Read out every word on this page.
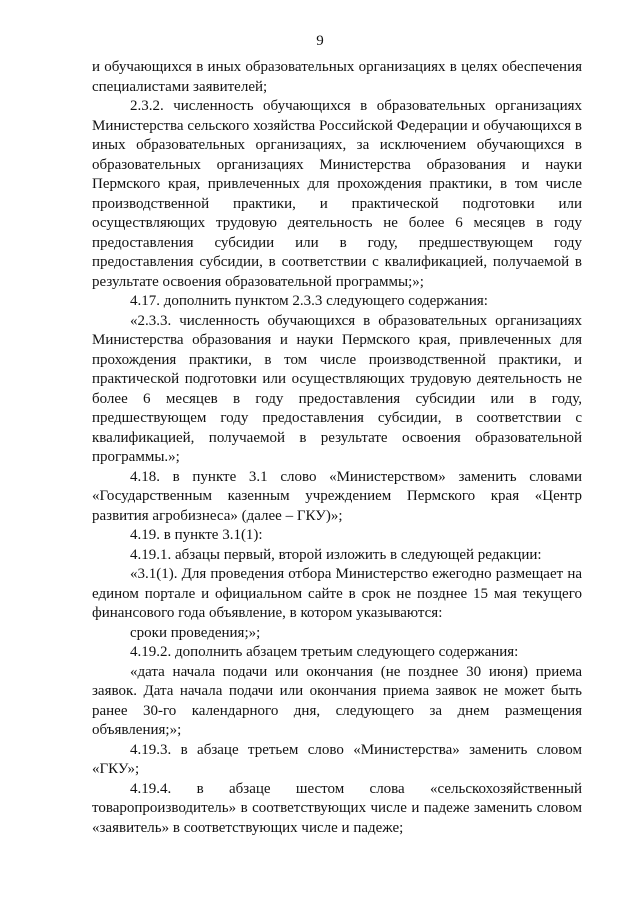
9

и обучающихся в иных образовательных организациях в целях обеспечения специалистами заявителей;

2.3.2. численность обучающихся в образовательных организациях Министерства сельского хозяйства Российской Федерации и обучающихся в иных образовательных организациях, за исключением обучающихся в образовательных организациях Министерства образования и науки Пермского края, привлеченных для прохождения практики, в том числе производственной практики, и практической подготовки или осуществляющих трудовую деятельность не более 6 месяцев в году предоставления субсидии или в году, предшествующем году предоставления субсидии, в соответствии с квалификацией, получаемой в результате освоения образовательной программы;»;

4.17. дополнить пунктом 2.3.3 следующего содержания:

«2.3.3. численность обучающихся в образовательных организациях Министерства образования и науки Пермского края, привлеченных для прохождения практики, в том числе производственной практики, и практической подготовки или осуществляющих трудовую деятельность не более 6 месяцев в году предоставления субсидии или в году, предшествующем году предоставления субсидии, в соответствии с квалификацией, получаемой в результате освоения образовательной программы.»;

4.18. в пункте 3.1 слово «Министерством» заменить словами «Государственным казенным учреждением Пермского края «Центр развития агробизнеса» (далее – ГКУ)»;

4.19. в пункте 3.1(1):

4.19.1. абзацы первый, второй изложить в следующей редакции:

«3.1(1). Для проведения отбора Министерство ежегодно размещает на едином портале и официальном сайте в срок не позднее 15 мая текущего финансового года объявление, в котором указываются:

сроки проведения;»;

4.19.2. дополнить абзацем третьим следующего содержания:

«дата начала подачи или окончания (не позднее 30 июня) приема заявок. Дата начала подачи или окончания приема заявок не может быть ранее 30-го календарного дня, следующего за днем размещения объявления;»;

4.19.3. в абзаце третьем слово «Министерства» заменить словом «ГКУ»;

4.19.4. в абзаце шестом слова «сельскохозяйственный товаропроизводитель» в соответствующих числе и падеже заменить словом «заявитель» в соответствующих числе и падеже;
